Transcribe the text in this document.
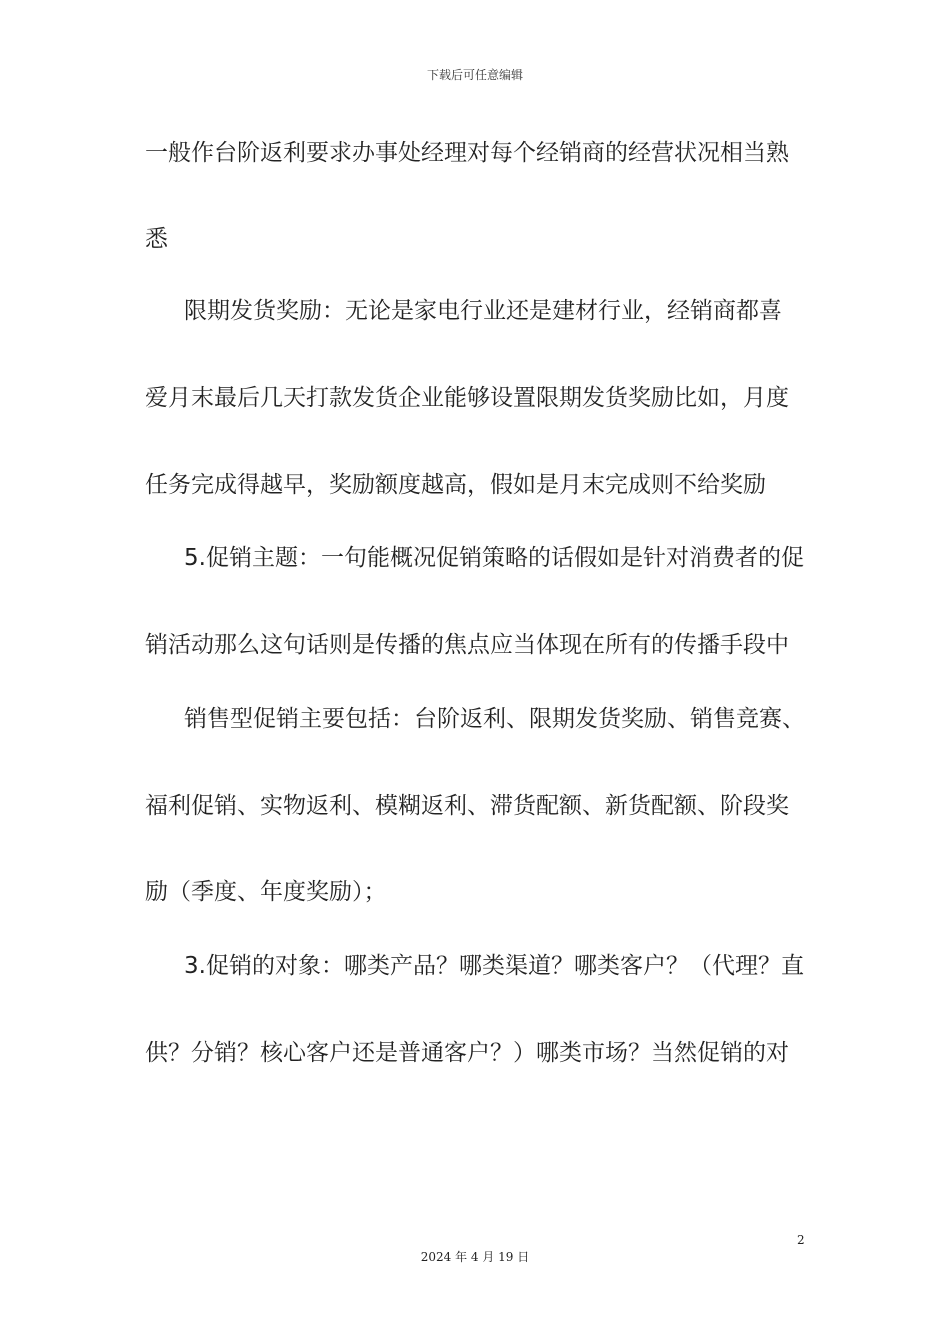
下载后可任意编辑
一般作台阶返利要求办事处经理对每个经销商的经营状况相当熟
悉
限期发货奖励：无论是家电行业还是建材行业，经销商都喜
爱月末最后几天打款发货企业能够设置限期发货奖励比如，月度
任务完成得越早，奖励额度越高，假如是月末完成则不给奖励
5.促销主题：一句能概况促销策略的话假如是针对消费者的促
销活动那么这句话则是传播的焦点应当体现在所有的传播手段中
销售型促销主要包括：台阶返利、限期发货奖励、销售竞赛、
福利促销、实物返利、模糊返利、滞货配额、新货配额、阶段奖
励（季度、年度奖励）；
3.促销的对象：哪类产品？哪类渠道？哪类客户？（代理？直
供？分销？核心客户还是普通客户？）哪类市场？当然促销的对
2
2024 年 4 月 19 日
